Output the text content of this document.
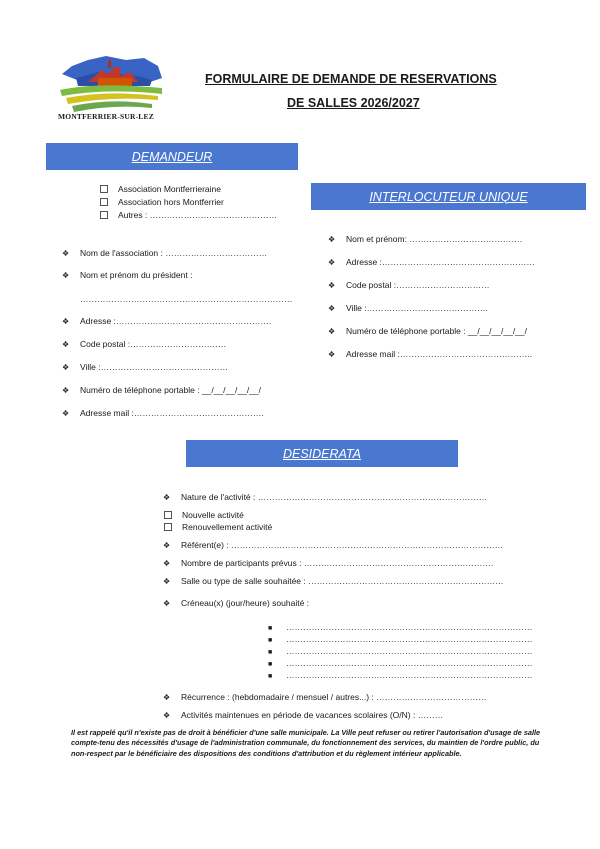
MONTFERRIER-SUR-LEZ
FORMULAIRE DE DEMANDE DE RESERVATIONS
DE SALLES 2026/2027
DEMANDEUR
Association Montferrieraine
Association hors Montferrier
Autres : ………………………………………
❖ Nom de l'association : ………………………………
❖ Nom et prénom du président :
…………………………………………………………………
❖ Adresse :……………………………………………….
❖ Code postal :…………………………….
❖ Ville :………………………………………
❖ Numéro de téléphone portable : __/__/__/__/__/
❖ Adresse mail :……………………………………….
INTERLOCUTEUR UNIQUE
❖ Nom et prénom: ………………………………….
❖ Adresse :………………………………………………
❖ Code postal :……………………………
❖ Ville :…………………………………….
❖ Numéro de téléphone portable : __/__/__/__/__/
❖ Adresse mail :………………………………………..
DESIDERATA
❖ Nature de l'activité : ………………………………………………………………………
Nouvelle activité
Renouvellement activité
❖ Référent(e) : ……………………………………………………………………………………
❖ Nombre de participants prévus : ………………………………………………………….
❖ Salle ou type de salle souhaitée : ……………………………………………………………
❖ Créneau(x) (jour/heure) souhaité :
■ ……………………………………………………………………………
■ ……………………………………………………………………………
■ ……………………………………………………………………………
■ ……………………………………………………………………………
■ ……………………………………………………………………………
❖ Récurrence : (hebdomadaire / mensuel / autres...) : …………………………………
❖ Activités maintenues en période de vacances scolaires (O/N) : ………
Il est rappelé qu'il n'existe pas de droit à bénéficier d'une salle municipale. La Ville peut refuser ou retirer l'autorisation d'usage de salle compte-tenu des nécessités d'usage de l'administration communale, du fonctionnement des services, du maintien de l'ordre public, du non-respect par le bénéficiaire des dispositions des conditions d'attribution et du règlement intérieur applicable.
